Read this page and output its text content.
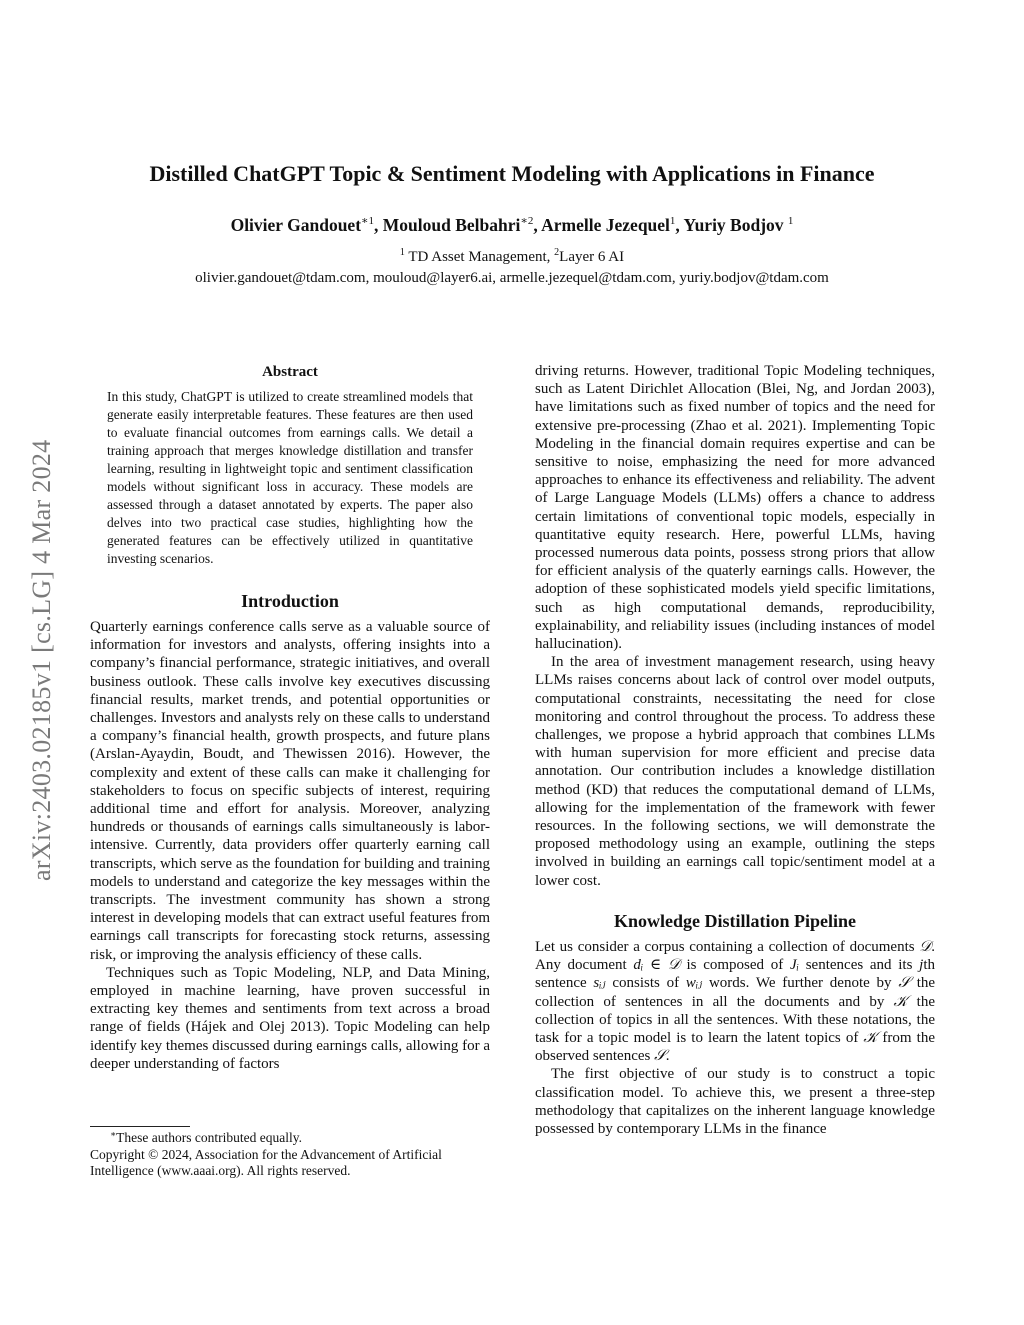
arXiv:2403.02185v1 [cs.LG] 4 Mar 2024
Distilled ChatGPT Topic & Sentiment Modeling with Applications in Finance
Olivier Gandouet$^{∗1}$, Mouloud Belbahri$^{∗2}$, Armelle Jezequel$^1$, Yuriy Bodjov $^1$
$^1$ TD Asset Management, $^2$Layer 6 AI
olivier.gandouet@tdam.com, mouloud@layer6.ai, armelle.jezequel@tdam.com, yuriy.bodjov@tdam.com
Abstract

In this study, ChatGPT is utilized to create streamlined models that generate easily interpretable features. These features are then used to evaluate financial outcomes from earnings calls. We detail a training approach that merges knowledge distillation and transfer learning, resulting in lightweight topic and sentiment classification models without significant loss in accuracy. These models are assessed through a dataset annotated by experts. The paper also delves into two practical case studies, highlighting how the generated features can be effectively utilized in quantitative investing scenarios.

Introduction

Quarterly earnings conference calls serve as a valuable source of information for investors and analysts, offering insights into a company’s financial performance, strategic initiatives, and overall business outlook. These calls involve key executives discussing financial results, market trends, and potential opportunities or challenges. Investors and analysts rely on these calls to understand a company’s financial health, growth prospects, and future plans (Arslan-Ayaydin, Boudt, and Thewissen 2016). However, the complexity and extent of these calls can make it challenging for stakeholders to focus on specific subjects of interest, requiring additional time and effort for analysis. Moreover, analyzing hundreds or thousands of earnings calls simultaneously is labor-intensive. Currently, data providers offer quarterly earning call transcripts, which serve as the foundation for building and training models to understand and categorize the key messages within the transcripts. The investment community has shown a strong interest in developing models that can extract useful features from earnings call transcripts for forecasting stock returns, assessing risk, or improving the analysis efficiency of these calls.

Techniques such as Topic Modeling, NLP, and Data Mining, employed in machine learning, have proven successful in extracting key themes and sentiments from text across a broad range of fields (Hájek and Olej 2013). Topic Modeling can help identify key themes discussed during earnings calls, allowing for a deeper understanding of factors

∗These authors contributed equally.

Copyright © 2024, Association for the Advancement of Artificial Intelligence (www.aaai.org). All rights reserved.

driving returns. However, traditional Topic Modeling techniques, such as Latent Dirichlet Allocation (Blei, Ng, and Jordan 2003), have limitations such as fixed number of topics and the need for extensive pre-processing (Zhao et al. 2021). Implementing Topic Modeling in the financial domain requires expertise and can be sensitive to noise, emphasizing the need for more advanced approaches to enhance its effectiveness and reliability. The advent of Large Language Models (LLMs) offers a chance to address certain limitations of conventional topic models, especially in quantitative equity research. Here, powerful LLMs, having processed numerous data points, possess strong priors that allow for efficient analysis of the quaterly earnings calls. However, the adoption of these sophisticated models yield specific limitations, such as high computational demands, reproducibility, explainability, and reliability issues (including instances of model hallucination).

In the area of investment management research, using heavy LLMs raises concerns about lack of control over model outputs, computational constraints, necessitating the need for close monitoring and control throughout the process. To address these challenges, we propose a hybrid approach that combines LLMs with human supervision for more efficient and precise data annotation. Our contribution includes a knowledge distillation method (KD) that reduces the computational demand of LLMs, allowing for the implementation of the framework with fewer resources. In the following sections, we will demonstrate the proposed methodology using an example, outlining the steps involved in building an earnings call topic/sentiment model at a lower cost.

Knowledge Distillation Pipeline

Let us consider a corpus containing a collection of documents 𝒟. Any document dᵢ ∈ 𝒟 is composed of Jᵢ sentences and its jth sentence sᵢⱼ consists of wᵢⱼ words. We further denote by 𝒮 the collection of sentences in all the documents and by 𝒦 the collection of topics in all the sentences. With these notations, the task for a topic model is to learn the latent topics of 𝒦 from the observed sentences 𝒮.

The first objective of our study is to construct a topic classification model. To achieve this, we present a three-step methodology that capitalizes on the inherent language knowledge possessed by contemporary LLMs in the finance
